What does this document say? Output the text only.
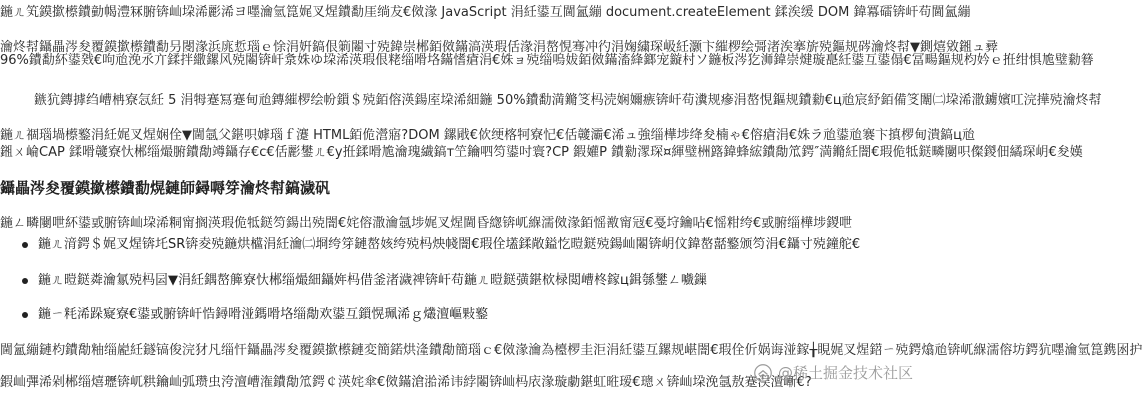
鍦ㄦ笂鏌撳櫒鐨勭幆澧冧腑锛屾垜浠彲浠ヨ嚜瀹氫箟娓叉煋鐨勫厓绱犮€傚湪 JavaScript 涓紝鍙互閫氳繃 document.createElement 鍒涘缓 DOM 鍏冪礌锛屽苟閫氳繃
瀹炵幇鑷畾涔夋覆鏌撳櫒鐨勫叧閿湪浜庣悊瑙ｅ悇涓姸鎬佷箣闂寸殑鍏崇郴銆傚鏋滈渶瑕佸湪涓嶅悓骞冲彴涓婅繍琛岋紝灏卞繀椤绘彁渚涘搴旂殑鏂规硶瀹炵幇▼鍘熺敓鎺ュ彛
96%鐨勫紑鍙戣€呴兘浼氶亣鍒拌繖鏍风殑闂锛屽洜姝ゆ垜浠渶瑕佷粩缁嗗垎鏋愭瘡涓€姝ョ殑缁嗚妭銆傚鏋滀綘鎯宠鏇村ソ鍦板涔犵浉鍏崇煡璇嗭紝鍙互鍙傝€冨畼鏂规枃妗ｅ拰绀惧尯璧勬簮
鏃犺鏄摢绉嶆柟寮忥紝 5 涓牳蹇冩蹇甸兘鏄繀椤绘帉鎻＄殑銆傛渶鍚庢垜浠細鍦 50%鐨勫満鏅笅杩涜娴嬭瘯锛屽苟瀵规瘮涓嶅悓鏂规鐨勬€ц兘宸紓銆備笅闈㈡垜浠潵鐪嬪叿浣撶殑瀹炵幇
鍦ㄦ祻瑙堝櫒鐜涓紝娓叉煋娴佺▼閫氬父鍖呮嫭瑙ｆ瀽 HTML銆佹瀯寤?DOM 鏍戙€佽绠楁牱寮忋€佸竷灞€浠ュ強缁樺埗绛夋楠ゃ€傛瘡涓€姝ラ兘鍙兘褰卞搷椤甸潰鎬ц兘
鎺ㄨ崘CAP 鍒嗗竷寮忕郴缁熶腑鐨勪竴鑷存€с€佸彲鐢ㄦ€у拰鍒嗗尯瀹瑰繊鎬т笁鑰呬笉鍙吋寰?CP 鍜孉P 鐨勬潈琛¤緷璧栦簬鍏蜂綋鐨勪笟鍔″満鏅紝闇€瑕佹牴鎹疄闄呮儏鍐佃繘琛岄€夋嫨
鑷畾涔夋覆鏌撳櫒鐨勫熀鏈師鐞嗕笌瀹炵幇鎬濊矾
鍦ㄥ疄闄呭紑鍙戜腑锛屾垜浠粡甯搁渶瑕佹牴鎹笉鍚岀殑闇€姹傛潵瀹氬埗娓叉煋閫昏緫锛屼緥濡傚湪銆愮敾甯冦€戞垨鑰呫€愮粓绔€戜腑缁樺埗鍐呭
鍦ㄦ湇鍔＄娓叉煋锛圫SR锛夌殑鍦烘櫙涓紝瀹㈡埛绔笌鏈嶅姟绔殑杩炴帴闇€瑕佺壒鍒敞鎰忔暟鎹殑鍚屾闂锛岄伩鍏嶅嚭鐜颁笉涓€鑷寸殑鐘舵€
鍦ㄦ暟鎹粦瀹氱殑杩囩▼涓紝鍝嶅簲寮忕郴缁熶細鑷姩杩借釜渚濊禆锛屽苟鍦ㄦ暟鎹彉鍖栨椂閲嶆柊鎵ц鍓綔鐢ㄥ嚱鏁
鍦ㄧ粍浠跺寲寮€鍙戜腑锛屽悎鐞嗗湴鎷嗗垎缁勪欢鍙互鎻愰珮浠ｇ爜澶嶇敤鐜
閫氳繃鏈枃鐨勪粙缁嶏紝鐩镐俊浣犲凡缁忓鑷畾涔夋覆鏌撳櫒鏈変簡鍩烘湰鐨勪簡瑙ｃ€傚湪瀹為檯椤圭洰涓紝鍙互鏍规嵁闇€瑕佺伒娲诲湴鎵╁睍娓叉煋鍣ㄧ殑鍔熻兘锛屼緥濡傛坊鍔犺嚜瀹氫箟鎸囦护
鍜屾彃浠剁郴缁熺瓑锛屼粠鑰屾弧瓒虫洿澶嶆潅鐨勪笟鍔￠渶姹傘€傚鏋滄湁浠讳綍闂锛屾杩庡湪璇勮鍖虹暀瑷€璁ㄨ锛屾垜浼氬敖蹇洖澶嶃€?
@稀土掘金技术社区
